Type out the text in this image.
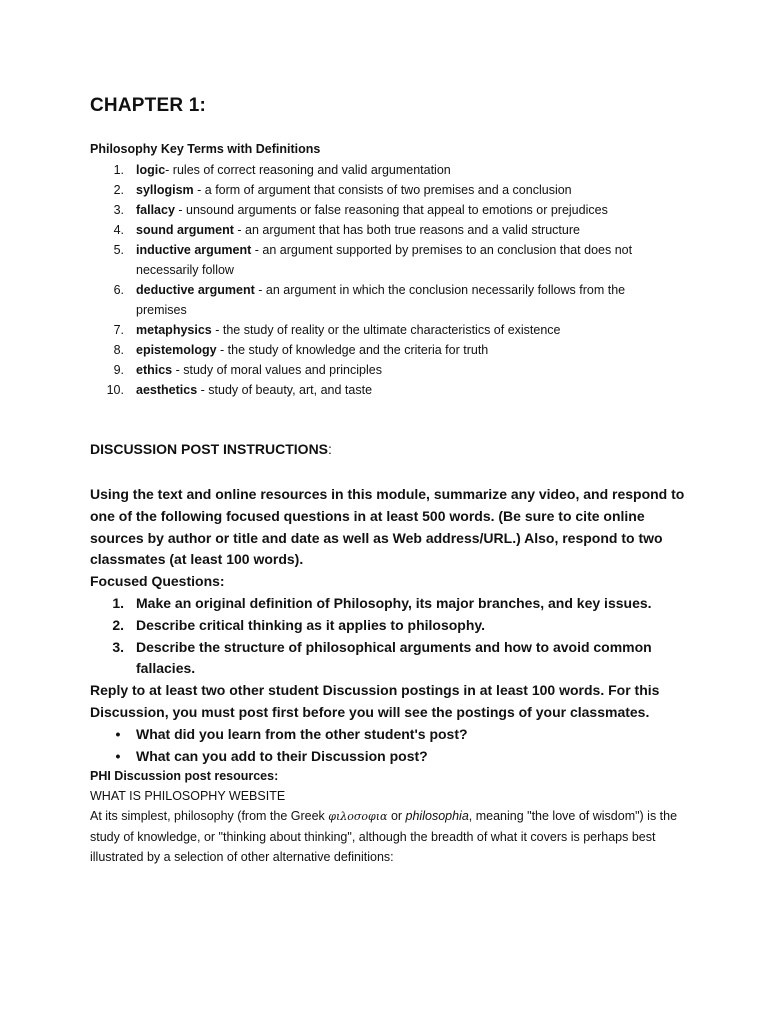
CHAPTER 1:
Philosophy Key Terms with Definitions
1. logic- rules of correct reasoning and valid argumentation
2. syllogism - a form of argument that consists of two premises and a conclusion
3. fallacy - unsound arguments or false reasoning that appeal to emotions or prejudices
4. sound argument - an argument that has both true reasons and a valid structure
5. inductive argument - an argument supported by premises to an conclusion that does not necessarily follow
6. deductive argument - an argument in which the conclusion necessarily follows from the premises
7. metaphysics - the study of reality or the ultimate characteristics of existence
8. epistemology - the study of knowledge and the criteria for truth
9. ethics - study of moral values and principles
10. aesthetics - study of beauty, art, and taste
DISCUSSION POST INSTRUCTIONS:

Using the text and online resources in this module, summarize any video, and respond to one of the following focused questions in at least 500 words. (Be sure to cite online sources by author or title and date as well as Web address/URL.) Also, respond to two classmates (at least 100 words).

Focused Questions:

1. Make an original definition of Philosophy, its major branches, and key issues.
2. Describe critical thinking as it applies to philosophy.
3. Describe the structure of philosophical arguments and how to avoid common fallacies.

Reply to at least two other student Discussion postings in at least 100 words. For this Discussion, you must post first before you will see the postings of your classmates.

• What did you learn from the other student's post?
• What can you add to their Discussion post?

PHI Discussion post resources:

WHAT IS PHILOSOPHY WEBSITE

At its simplest, philosophy (from the Greek φιλοσοφια or philosophia, meaning "the love of wisdom") is the study of knowledge, or "thinking about thinking", although the breadth of what it covers is perhaps best illustrated by a selection of other alternative definitions:
